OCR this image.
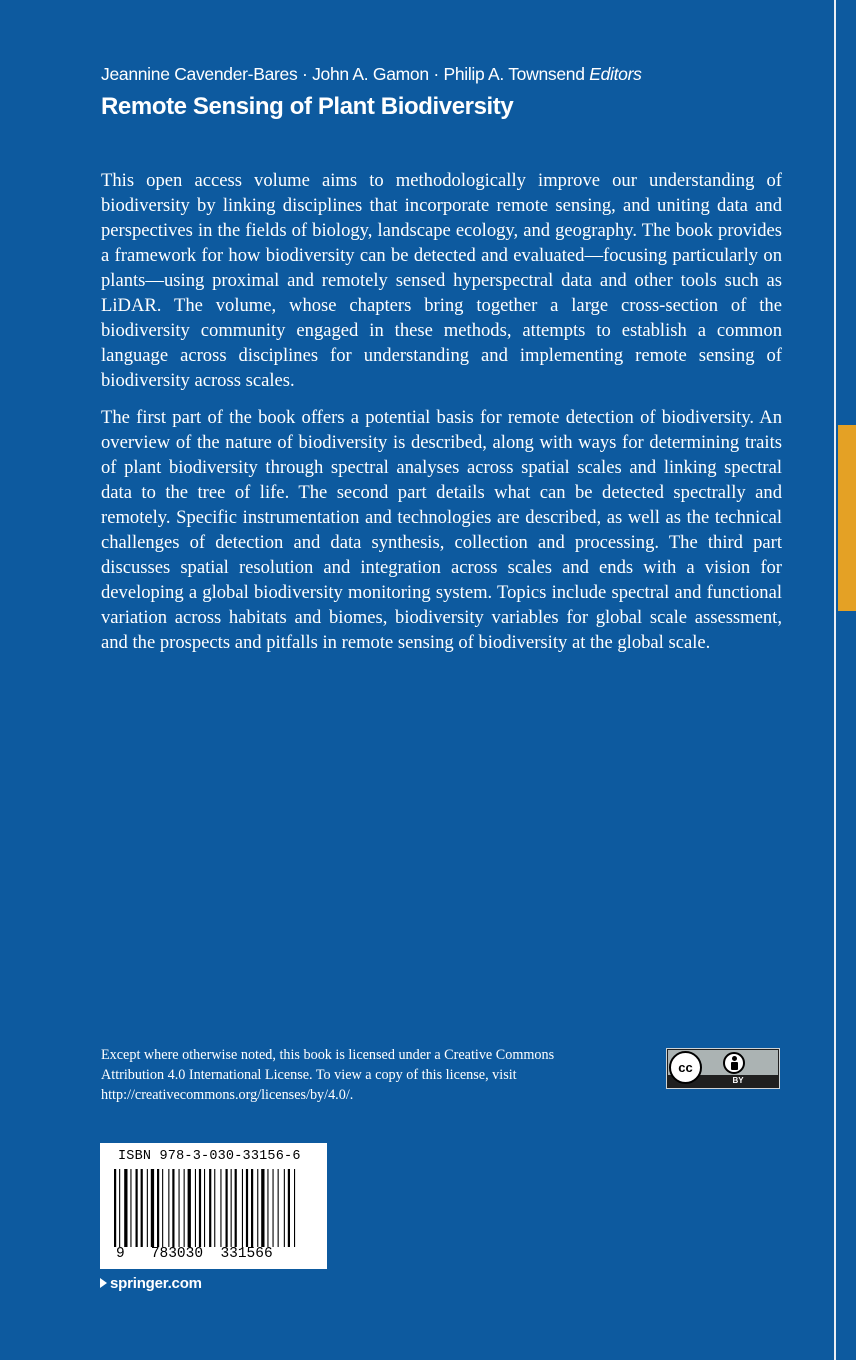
Jeannine Cavender-Bares · John A. Gamon · Philip A. Townsend Editors
Remote Sensing of Plant Biodiversity

This open access volume aims to methodologically improve our understanding of biodiversity by linking disciplines that incorporate remote sensing, and uniting data and perspectives in the fields of biology, landscape ecology, and geography. The book provides a framework for how biodiversity can be detected and evaluated—focusing particularly on plants—using proximal and remotely sensed hyperspectral data and other tools such as LiDAR. The volume, whose chapters bring together a large cross-section of the biodiversity community engaged in these methods, attempts to establish a common language across disciplines for understanding and implementing remote sensing of biodiversity across scales.

The first part of the book offers a potential basis for remote detection of biodiversity. An overview of the nature of biodiversity is described, along with ways for determining traits of plant biodiversity through spectral analyses across spatial scales and linking spectral data to the tree of life. The second part details what can be detected spectrally and remotely. Specific instrumentation and technologies are described, as well as the technical challenges of detection and data synthesis, collection and processing. The third part discusses spatial resolution and integration across scales and ends with a vision for developing a global biodiversity monitoring system. Topics include spectral and functional variation across habitats and biomes, biodiversity variables for global scale assessment, and the prospects and pitfalls in remote sensing of biodiversity at the global scale.

Except where otherwise noted, this book is licensed under a Creative Commons Attribution 4.0 International License. To view a copy of this license, visit http://creativecommons.org/licenses/by/4.0/.
cc
BY
ISBN 978-3-030-33156-6
9 783030 331566
springer.com
